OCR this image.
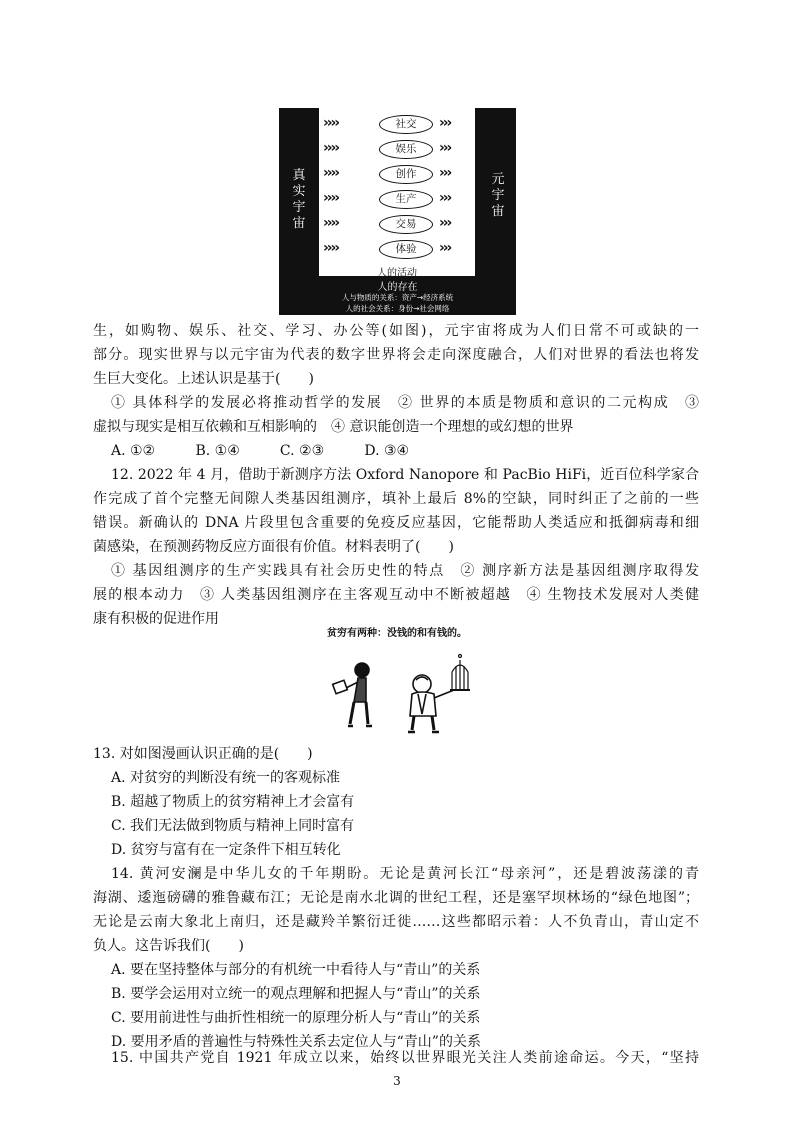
真实宇宙
元宇宙
››››	社交	›››
››››	娱乐	›››
››››	创作	›››
››››	生产	›››
››››	交易	›››
››››	体验	›››
人的活动
人的存在
人与物质的关系：资产→经济系统
人的社会关系：身份→社会网络

生，如购物、娱乐、社交、学习、办公等(如图)，元宇宙将成为人们日常不可或缺的一

部分。现实世界与以元宇宙为代表的数字世界将会走向深度融合，人们对世界的看法也将发

生巨大变化。上述认识是基于(　　)

① 具体科学的发展必将推动哲学的发展　② 世界的本质是物质和意识的二元构成　③

虚拟与现实是相互依赖和互相影响的　④ 意识能创造一个理想的或幻想的世界

A. ①②	B. ①④	C. ②③	D. ③④

12. 2022 年 4 月，借助于新测序方法 Oxford Nanopore 和 PacBio HiFi，近百位科学家合

作完成了首个完整无间隙人类基因组测序，填补上最后 8%的空缺，同时纠正了之前的一些

错误。新确认的 DNA 片段里包含重要的免疫反应基因，它能帮助人类适应和抵御病毒和细

菌感染，在预测药物反应方面很有价值。材料表明了(　　)

① 基因组测序的生产实践具有社会历史性的特点　② 测序新方法是基因组测序取得发

展的根本动力　③ 人类基因组测序在主客观互动中不断被超越　④ 生物技术发展对人类健

康有积极的促进作用

贫穷有两种：没钱的和有钱的。

13. 对如图漫画认识正确的是(　　)

A. 对贫穷的判断没有统一的客观标准

B. 超越了物质上的贫穷精神上才会富有

C. 我们无法做到物质与精神上同时富有

D. 贫穷与富有在一定条件下相互转化

14. 黄河安澜是中华儿女的千年期盼。无论是黄河长江“母亲河”，还是碧波荡漾的青

海湖、逶迤磅礴的雅鲁藏布江；无论是南水北调的世纪工程，还是塞罕坝林场的“绿色地图”；

无论是云南大象北上南归，还是藏羚羊繁衍迁徙……这些都昭示着：人不负青山，青山定不

负人。这告诉我们(　　)

A. 要在坚持整体与部分的有机统一中看待人与“青山”的关系

B. 要学会运用对立统一的观点理解和把握人与“青山”的关系

C. 要用前进性与曲折性相统一的原理分析人与“青山”的关系

D. 要用矛盾的普遍性与特殊性关系去定位人与“青山”的关系

15. 中国共产党自 1921 年成立以来，始终以世界眼光关注人类前途命运。今天，“坚持

3
